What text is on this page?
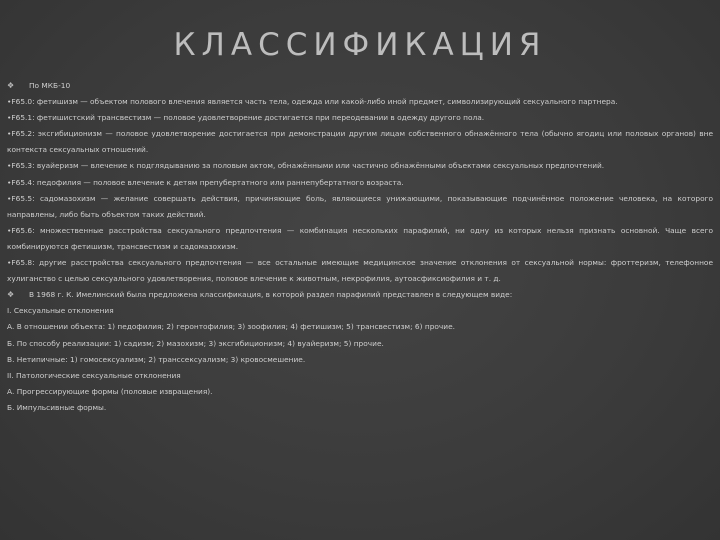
КЛАССИФИКАЦИЯ

❖ По МКБ-10

•F65.0: фетишизм — объектом полового влечения является часть тела, одежда или какой-либо иной предмет, символизирующий сексуального партнера.

•F65.1: фетишистский трансвестизм — половое удовлетворение достигается при переодевании в одежду другого пола.

•F65.2: эксгибиционизм — половое удовлетворение достигается при демонстрации другим лицам собственного обнажённого тела (обычно ягодиц или половых органов) вне контекста сексуальных отношений.

•F65.3: вуайеризм — влечение к подглядыванию за половым актом, обнажёнными или частично обнажёнными объектами сексуальных предпочтений.

•F65.4: педофилия — половое влечение к детям препубертатного или раннепубертатного возраста.

•F65.5: садомазохизм — желание совершать действия, причиняющие боль, являющиеся унижающими, показывающие подчинённое положение человека, на которого направлены, либо быть объектом таких действий.

•F65.6: множественные расстройства сексуального предпочтения — комбинация нескольких парафилий, ни одну из которых нельзя признать основной. Чаще всего комбинируются фетишизм, трансвестизм и садомазохизм.

•F65.8: другие расстройства сексуального предпочтения — все остальные имеющие медицинское значение отклонения от сексуальной нормы: фроттеризм, телефонное хулиганство с целью сексуального удовлетворения, половое влечение к животным, некрофилия, аутоасфиксиофилия и т. д.

❖ В 1968 г. К. Имелинский была предложена классификация, в которой раздел парафилий представлен в следующем виде:

I. Сексуальные отклонения

А. В отношении объекта: 1) педофилия; 2) геронтофилия; 3) зоофилия; 4) фетишизм; 5) трансвестизм; 6) прочие.

Б. По способу реализации: 1) садизм; 2) мазохизм; 3) эксгибиционизм; 4) вуайеризм; 5) прочие.

В. Нетипичные: 1) гомосексуализм; 2) транссексуализм; 3) кровосмешение.

II. Патологические сексуальные отклонения

А. Прогрессирующие формы (половые извращения).

Б. Импульсивные формы.
